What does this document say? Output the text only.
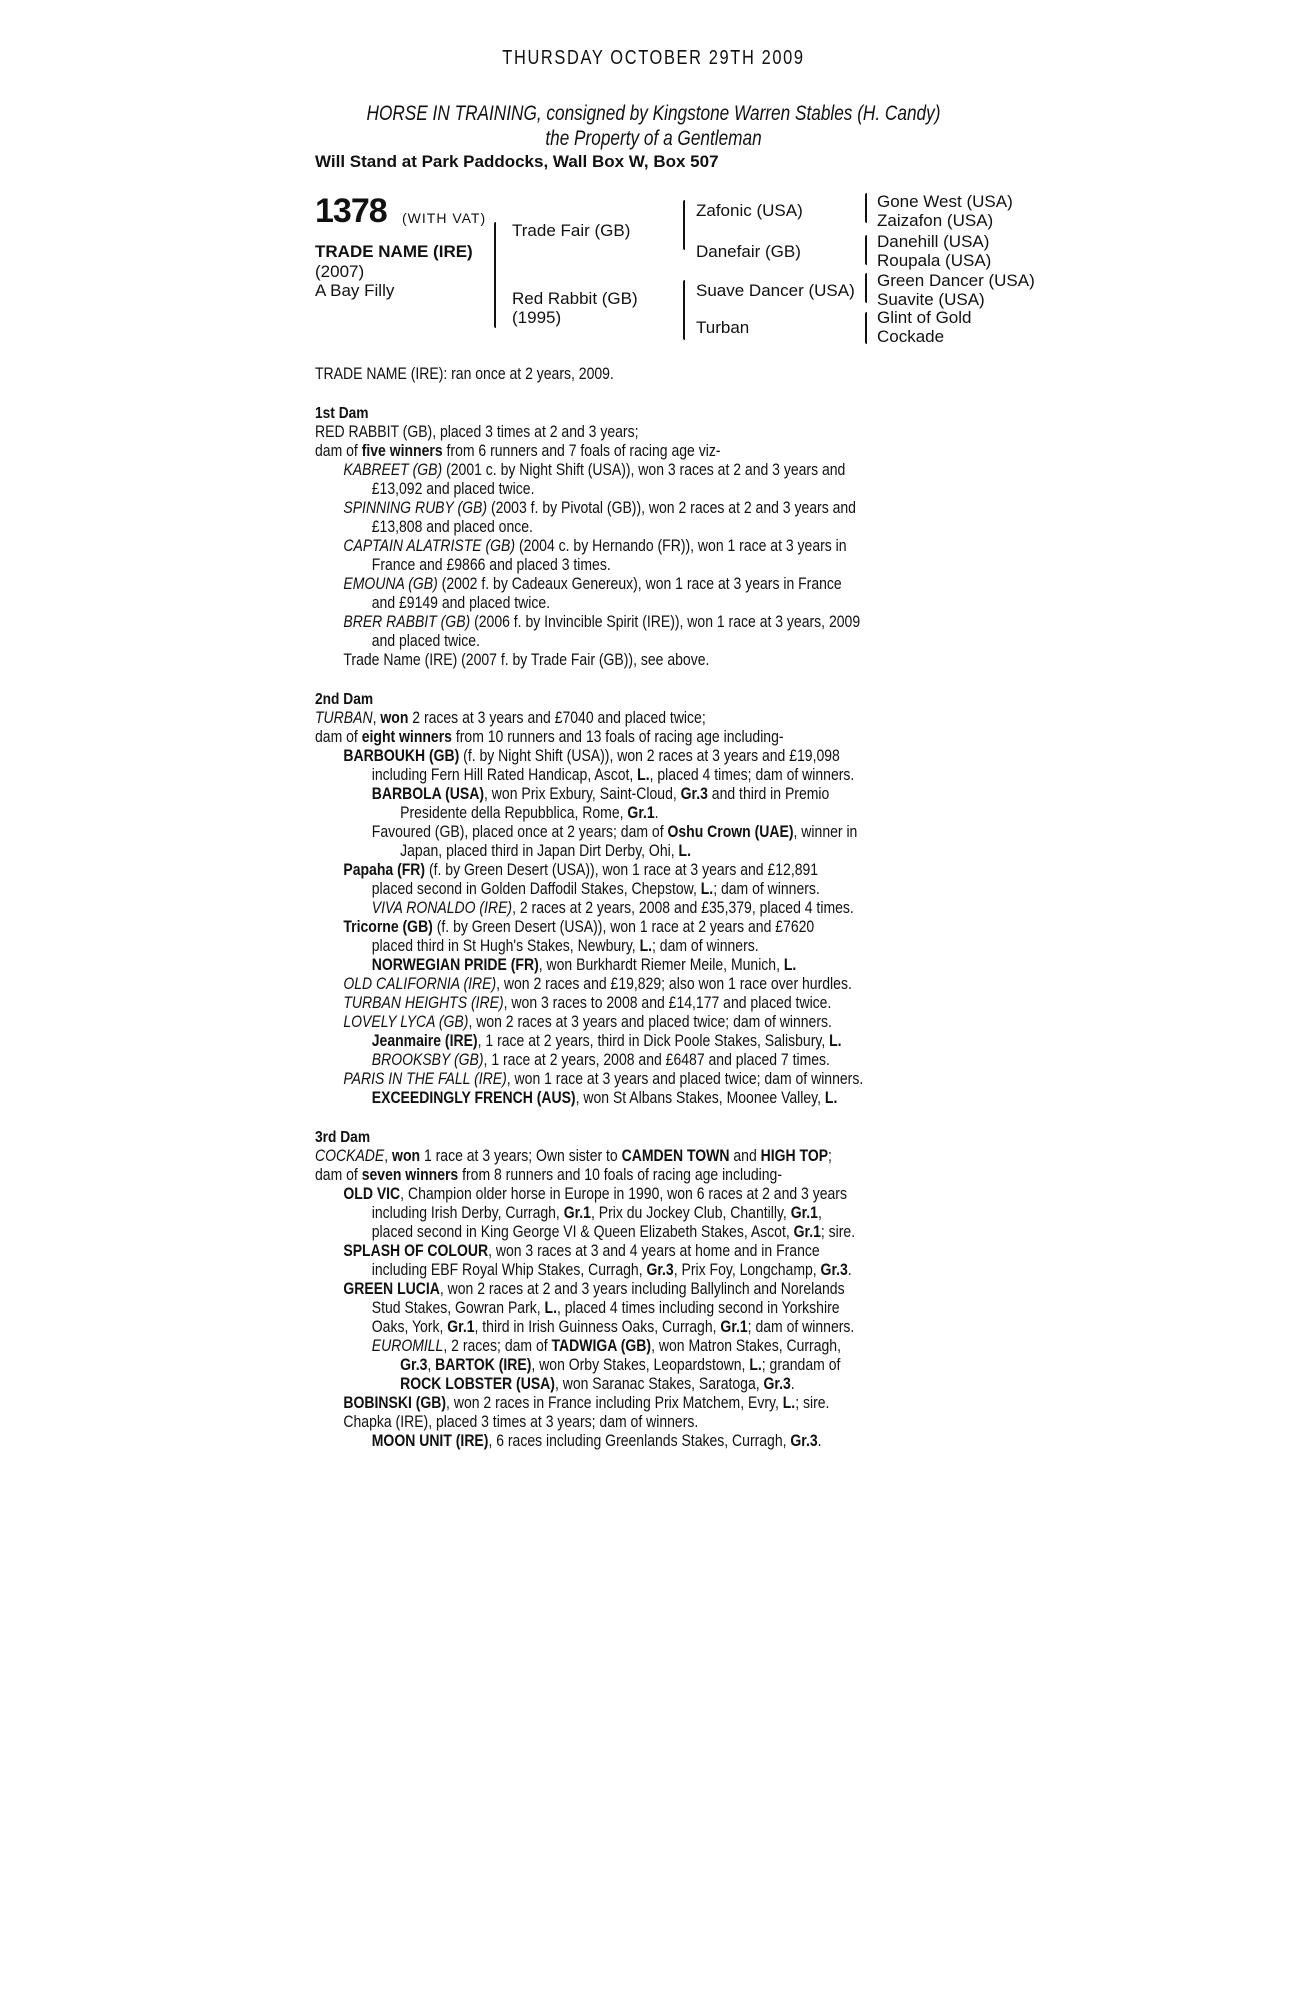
THURSDAY OCTOBER 29TH 2009
HORSE IN TRAINING, consigned by Kingstone Warren Stables (H. Candy)
the Property of a Gentleman
Will Stand at Park Paddocks, Wall Box W, Box 507
1378 (WITH VAT)
TRADE NAME (IRE)
(2007)
A Bay Filly
Trade Fair (GB)
Red Rabbit (GB)
(1995)
Zafonic (USA)
Danefair (GB)
Suave Dancer (USA)
Turban
Gone West (USA)
Zaizafon (USA)
Danehill (USA)
Roupala (USA)
Green Dancer (USA)
Suavite (USA)
Glint of Gold
Cockade
TRADE NAME (IRE): ran once at 2 years, 2009.
1st Dam
RED RABBIT (GB), placed 3 times at 2 and 3 years;
dam of five winners from 6 runners and 7 foals of racing age viz-
KABREET (GB) (2001 c. by Night Shift (USA)), won 3 races at 2 and 3 years and
£13,092 and placed twice.
SPINNING RUBY (GB) (2003 f. by Pivotal (GB)), won 2 races at 2 and 3 years and
£13,808 and placed once.
CAPTAIN ALATRISTE (GB) (2004 c. by Hernando (FR)), won 1 race at 3 years in
France and £9866 and placed 3 times.
EMOUNA (GB) (2002 f. by Cadeaux Genereux), won 1 race at 3 years in France
and £9149 and placed twice.
BRER RABBIT (GB) (2006 f. by Invincible Spirit (IRE)), won 1 race at 3 years, 2009
and placed twice.
Trade Name (IRE) (2007 f. by Trade Fair (GB)), see above.
2nd Dam
TURBAN, won 2 races at 3 years and £7040 and placed twice;
dam of eight winners from 10 runners and 13 foals of racing age including-
BARBOUKH (GB) (f. by Night Shift (USA)), won 2 races at 3 years and £19,098
including Fern Hill Rated Handicap, Ascot, L., placed 4 times; dam of winners.
BARBOLA (USA), won Prix Exbury, Saint-Cloud, Gr.3 and third in Premio
Presidente della Repubblica, Rome, Gr.1.
Favoured (GB), placed once at 2 years; dam of Oshu Crown (UAE), winner in
Japan, placed third in Japan Dirt Derby, Ohi, L.
Papaha (FR) (f. by Green Desert (USA)), won 1 race at 3 years and £12,891
placed second in Golden Daffodil Stakes, Chepstow, L.; dam of winners.
VIVA RONALDO (IRE), 2 races at 2 years, 2008 and £35,379, placed 4 times.
Tricorne (GB) (f. by Green Desert (USA)), won 1 race at 2 years and £7620
placed third in St Hugh's Stakes, Newbury, L.; dam of winners.
NORWEGIAN PRIDE (FR), won Burkhardt Riemer Meile, Munich, L.
OLD CALIFORNIA (IRE), won 2 races and £19,829; also won 1 race over hurdles.
TURBAN HEIGHTS (IRE), won 3 races to 2008 and £14,177 and placed twice.
LOVELY LYCA (GB), won 2 races at 3 years and placed twice; dam of winners.
Jeanmaire (IRE), 1 race at 2 years, third in Dick Poole Stakes, Salisbury, L.
BROOKSBY (GB), 1 race at 2 years, 2008 and £6487 and placed 7 times.
PARIS IN THE FALL (IRE), won 1 race at 3 years and placed twice; dam of winners.
EXCEEDINGLY FRENCH (AUS), won St Albans Stakes, Moonee Valley, L.
3rd Dam
COCKADE, won 1 race at 3 years; Own sister to CAMDEN TOWN and HIGH TOP;
dam of seven winners from 8 runners and 10 foals of racing age including-
OLD VIC, Champion older horse in Europe in 1990, won 6 races at 2 and 3 years
including Irish Derby, Curragh, Gr.1, Prix du Jockey Club, Chantilly, Gr.1,
placed second in King George VI & Queen Elizabeth Stakes, Ascot, Gr.1; sire.
SPLASH OF COLOUR, won 3 races at 3 and 4 years at home and in France
including EBF Royal Whip Stakes, Curragh, Gr.3, Prix Foy, Longchamp, Gr.3.
GREEN LUCIA, won 2 races at 2 and 3 years including Ballylinch and Norelands
Stud Stakes, Gowran Park, L., placed 4 times including second in Yorkshire
Oaks, York, Gr.1, third in Irish Guinness Oaks, Curragh, Gr.1; dam of winners.
EUROMILL, 2 races; dam of TADWIGA (GB), won Matron Stakes, Curragh,
Gr.3, BARTOK (IRE), won Orby Stakes, Leopardstown, L.; grandam of
ROCK LOBSTER (USA), won Saranac Stakes, Saratoga, Gr.3.
BOBINSKI (GB), won 2 races in France including Prix Matchem, Evry, L.; sire.
Chapka (IRE), placed 3 times at 3 years; dam of winners.
MOON UNIT (IRE), 6 races including Greenlands Stakes, Curragh, Gr.3.
